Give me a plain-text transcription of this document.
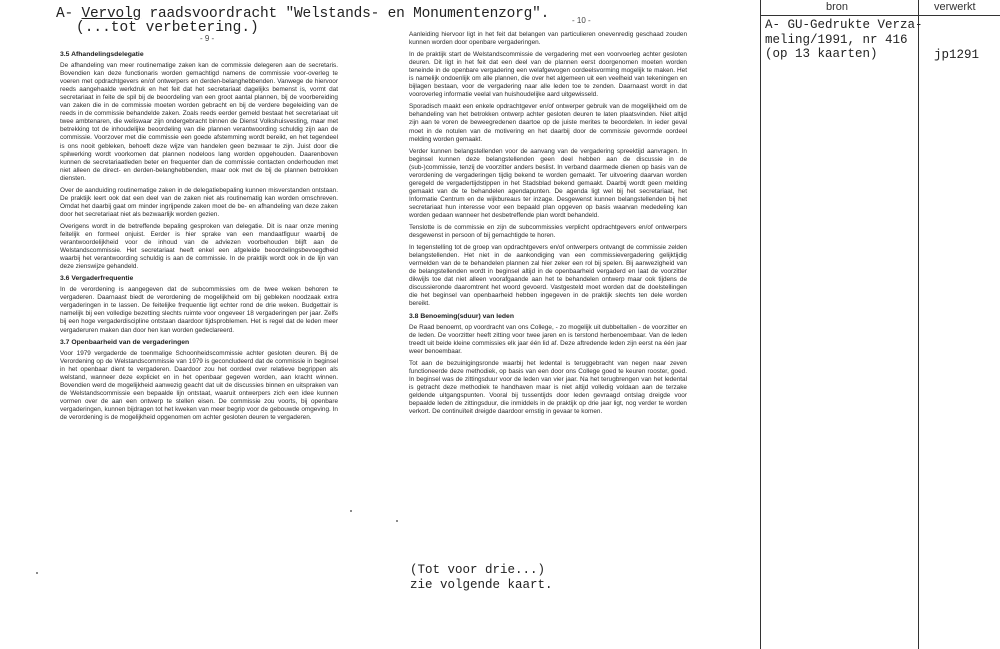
A- Vervolg raadsvoordracht "Welstands- en Monumentenzorg".
(...tot verbetering.)
- 9 -
3.5 Afhandelingsdelegatie

De afhandeling van meer routinematige zaken kan de commissie delegeren aan de secretaris. Bovendien kan deze functionaris worden gemachtigd namens de commissie voor-overleg te voeren met opdrachtgevers en/of ontwerpers en derden-belanghebbenden. Vanwege de hiervoor reeds aangehaalde werkdruk en het feit dat het secretariaat dagelijks bemenst is, vormt dat secretariaat in feite de spil bij de beoordeling van een groot aantal plannen, bij de voorbereiding van zaken die in de commissie moeten worden gebracht en bij de verdere begeleiding van de reeds in de commissie behandelde zaken. Zoals reeds eerder gemeld bestaat het secretariaat uit twee ambtenaren, die weliswaar zijn ondergebracht binnen de Dienst Volkshuisvesting, maar met betrekking tot de inhoudelijke beoordeling van die plannen verantwoording schuldig zijn aan de commissie. Voorzover met die commissie een goede afstemming wordt bereikt, en het tegendeel is ons nooit gebleken, behoeft deze wijze van handelen geen bezwaar te zijn. Juist door die spilwerking wordt voorkomen dat plannen nodeloos lang worden opgehouden. Daarenboven kunnen de secretariaatleden beter en frequenter dan de commissie contacten onderhouden met niet alleen de direct- en derden-belanghebbenden, maar ook met de bij de plannen betrokken diensten.

Over de aanduiding routinematige zaken in de delegatiebepaling kunnen misverstanden ontstaan. De praktijk leert ook dat een deel van de zaken niet als routinematig kan worden omschreven. Omdat het daarbij gaat om minder ingrijpende zaken moet de be- en afhandeling van deze zaken door het secretariaat niet als bezwaarlijk worden gezien.

Overigens wordt in de betreffende bepaling gesproken van delegatie. Dit is naar onze mening feitelijk en formeel onjuist. Eerder is hier sprake van een mandaatfiguur waarbij de verantwoordelijkheid voor de inhoud van de adviezen voorbehouden blijft aan de Welstandscommissie. Het secretariaat heeft enkel een afgeleide beoordelingsbevoegdheid waarbij het verantwoording schuldig is aan de commissie. In de praktijk wordt ook in de lijn van deze zienswijze gehandeld.

3.6 Vergaderfrequentie

In de verordening is aangegeven dat de subcommissies om de twee weken behoren te vergaderen. Daarnaast biedt de verordening de mogelijkheid om bij gebleken noodzaak extra vergaderingen in te lassen. De feitelijke frequentie ligt echter rond de drie weken. Budgettair is namelijk bij een volledige bezetting slechts ruimte voor ongeveer 18 vergaderingen per jaar. Zelfs bij een hoge vergaderdiscipline ontstaan daardoor tijdsproblemen. Het is regel dat de leden meer vergaderuren maken dan door hen kan worden gedeclareerd.

3.7 Openbaarheid van de vergaderingen

Voor 1979 vergaderde de toenmalige Schoonheidscommissie achter gesloten deuren. Bij de Verordening op de Welstandscommissie van 1979 is geconcludeerd dat de commissie in beginsel in het openbaar dient te vergaderen. Daardoor zou het oordeel over relatieve begrippen als welstand, wanneer deze expliciet en in het openbaar gegeven worden, aan kracht winnen. Bovendien werd de mogelijkheid aanwezig geacht dat uit de discussies binnen en uitspraken van de Welstandscommissie een bepaalde lijn ontstaat, waaruit ontwerpers zich een idee kunnen vormen over de aan een ontwerp te stellen eisen. De commissie zou voorts, bij openbare vergaderingen, kunnen bijdragen tot het kweken van meer begrip voor de gebouwde omgeving. In de verordening is de mogelijkheid opgenomen om achter gesloten deuren te vergaderen.

- 10 -

Aanleiding hiervoor ligt in het feit dat belangen van particulieren onevenredig geschaad zouden kunnen worden door openbare vergaderingen.

In de praktijk start de Welstandscommissie de vergadering met een voorvoerleg achter gesloten deuren. Dit ligt in het feit dat een deel van de plannen eerst doorgenomen moeten worden teneinde in de openbare vergadering een welafgewogen oordeelsvorming mogelijk te maken. Het is namelijk ondoenlijk om alle plannen, die over het algemeen uit een veelheid van tekeningen en bijlagen bestaan, voor de vergadering naar alle leden toe te zenden. Daarnaast wordt in dat vooroverleg informatie veelal van huishoudelijke aard uitgewisseld.

Sporadisch maakt een enkele opdrachtgever en/of ontwerper gebruik van de mogelijkheid om de behandeling van het betrokken ontwerp achter gesloten deuren te laten plaatsvinden. Niet altijd zijn aan te voren de beweegredenen daartoe op de juiste merites te beoordelen. In ieder geval moet in de notulen van de motivering en het daarbij door de commissie gevormde oordeel melding worden gemaakt.

Verder kunnen belangstellenden voor de aanvang van de vergadering spreektijd aanvragen. In beginsel kunnen deze belangstellenden geen deel hebben aan de discussie in de (sub-)commissie, tenzij de voorzitter anders beslist. In verband daarmede dienen op basis van de verordening de vergaderingen tijdig bekend te worden gemaakt. Ter uitvoering daarvan worden geregeld de vergadertijdstippen in het Stadsblad bekend gemaakt. Daarbij wordt geen melding gemaakt van de te behandelen agendapunten. De agenda ligt wel bij het secretariaat, het Informatie Centrum en de wijkbureaus ter inzage. Desgewenst kunnen belangstellenden bij het secretariaat hun interesse voor een bepaald plan opgeven op basis waarvan mededeling kan worden gedaan wanneer het desbetreffende plan wordt behandeld.

Tenslotte is de commissie en zijn de subcommissies verplicht opdrachtgevers en/of ontwerpers desgewenst in persoon of bij gemachtigde te horen.

In tegenstelling tot de groep van opdrachtgevers en/of ontwerpers ontvangt de commissie zelden belangstellenden. Het niet in de aankondiging van een commissievergadering gelijktijdig vermelden van de te behandelen plannen zal hier zeker een rol bij spelen. Bij aanwezigheid van de belangstellenden wordt in beginsel altijd in de openbaarheid vergaderd en laat de voorzitter dikwijls toe dat niet alleen voorafgaande aan het te behandelen ontwerp maar ook tijdens de discussieronde daaromtrent het woord gevoerd. Vastgesteld moet worden dat de doelstellingen die het beginsel van openbaarheid hebben ingegeven in de praktijk slechts ten dele worden bereikt.

3.8 Benoeming(sduur) van leden

De Raad benoemt, op voordracht van ons College, - zo mogelijk uit dubbeltallen - de voorzitter en de leden. De voorzitter heeft zitting voor twee jaren en is terstond herbenoembaar. Van de leden treedt uit beide kleine commissies elk jaar één lid af. Deze aftredende leden zijn eerst na één jaar weer benoembaar.

Tot aan de bezuinigingsronde waarbij het ledental is teruggebracht van negen naar zeven functioneerde deze methodiek, op basis van een door ons College goed te keuren rooster, goed. In beginsel was de zittingsduur voor de leden van vier jaar. Na het terugbrengen van het ledental is getracht deze methodiek te handhaven maar is niet altijd volledig voldaan aan de terzake geldende uitgangspunten. Vooral bij tussentijds door leden gevraagd ontslag dreigde voor bepaalde leden de zittingsduur, die inmiddels in de praktijk op drie jaar ligt, nog verder te worden verkort. De continuïteit dreigde daardoor ernstig in gevaar te komen.

(Tot voor drie...)
zie volgende kaart.
bron	verwerkt
A- GU-Gedrukte Verza-
meling/1991, nr 416
(op 13 kaarten)	jp1291
